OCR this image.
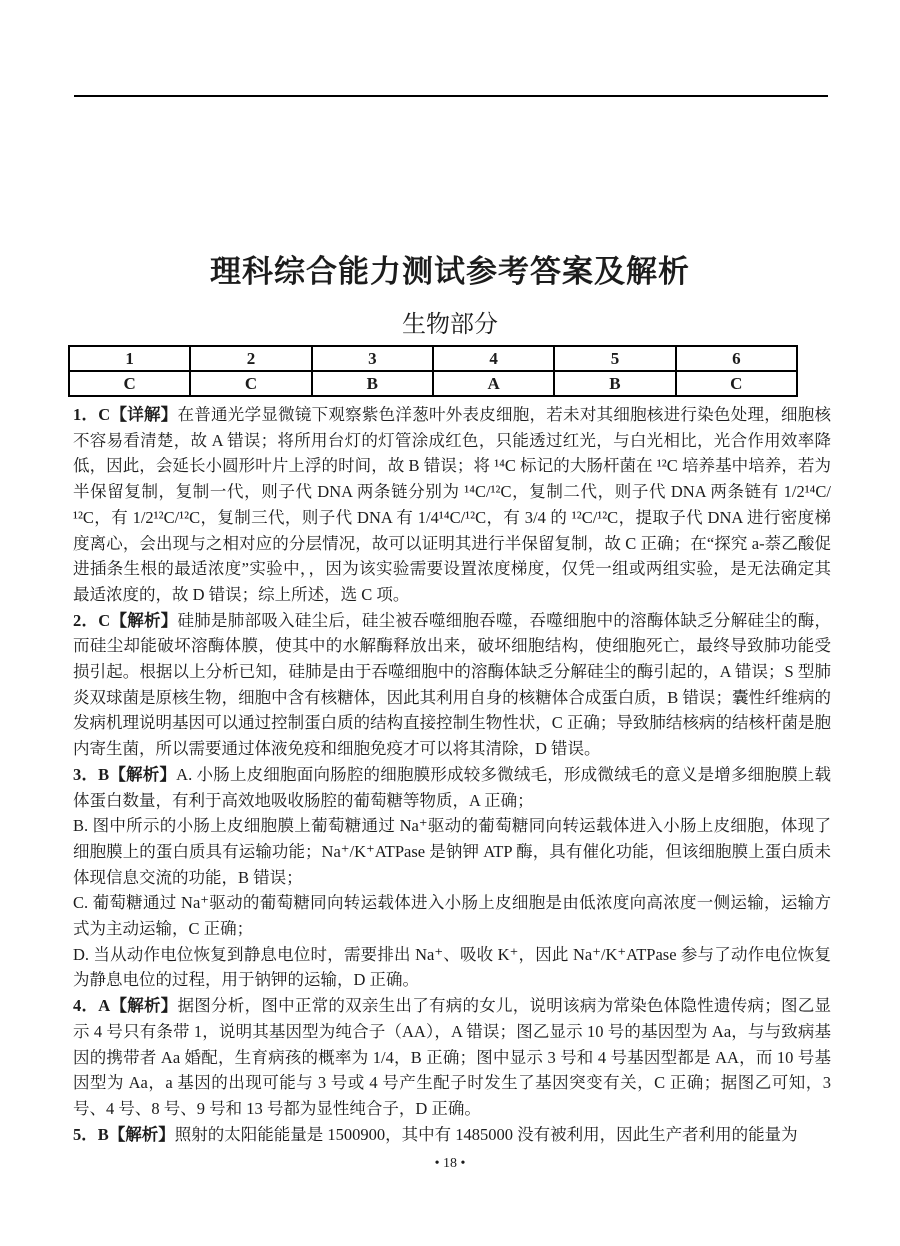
理科综合能力测试参考答案及解析
生物部分
1	2	3	4	5	6
C	C	B	A	B	C

1．C【详解】在普通光学显微镜下观察紫色洋葱叶外表皮细胞，若未对其细胞核进行染色处理，细胞核不容易看清楚，故 A 错误；将所用台灯的灯管涂成红色，只能透过红光，与白光相比，光合作用效率降低，因此，会延长小圆形叶片上浮的时间，故 B 错误；将 ¹⁴C 标记的大肠杆菌在 ¹²C 培养基中培养，若为半保留复制，复制一代，则子代 DNA 两条链分别为 ¹⁴C/¹²C，复制二代，则子代 DNA 两条链有 1/2¹⁴C/¹²C，有 1/2¹²C/¹²C，复制三代，则子代 DNA 有 1/4¹⁴C/¹²C，有 3/4 的 ¹²C/¹²C，提取子代 DNA 进行密度梯度离心，会出现与之相对应的分层情况，故可以证明其进行半保留复制，故 C 正确；在“探究 a-萘乙酸促进插条生根的最适浓度”实验中，，因为该实验需要设置浓度梯度，仅凭一组或两组实验，是无法确定其最适浓度的，故 D 错误；综上所述，选 C 项。

2．C【解析】硅肺是肺部吸入硅尘后，硅尘被吞噬细胞吞噬，吞噬细胞中的溶酶体缺乏分解硅尘的酶，而硅尘却能破坏溶酶体膜，使其中的水解酶释放出来，破坏细胞结构，使细胞死亡，最终导致肺功能受损引起。根据以上分析已知，硅肺是由于吞噬细胞中的溶酶体缺乏分解硅尘的酶引起的，A 错误；S 型肺炎双球菌是原核生物，细胞中含有核糖体，因此其利用自身的核糖体合成蛋白质，B 错误；囊性纤维病的发病机理说明基因可以通过控制蛋白质的结构直接控制生物性状，C 正确；导致肺结核病的结核杆菌是胞内寄生菌，所以需要通过体液免疫和细胞免疫才可以将其清除，D 错误。

3．B【解析】A. 小肠上皮细胞面向肠腔的细胞膜形成较多微绒毛，形成微绒毛的意义是增多细胞膜上载体蛋白数量，有利于高效地吸收肠腔的葡萄糖等物质，A 正确；

B. 图中所示的小肠上皮细胞膜上葡萄糖通过 Na⁺驱动的葡萄糖同向转运载体进入小肠上皮细胞，体现了细胞膜上的蛋白质具有运输功能；Na⁺/K⁺ATPase 是钠钾 ATP 酶，具有催化功能，但该细胞膜上蛋白质未体现信息交流的功能，B 错误；

C. 葡萄糖通过 Na⁺驱动的葡萄糖同向转运载体进入小肠上皮细胞是由低浓度向高浓度一侧运输，运输方式为主动运输，C 正确；

D. 当从动作电位恢复到静息电位时，需要排出 Na⁺、吸收 K⁺，因此 Na⁺/K⁺ATPase 参与了动作电位恢复为静息电位的过程，用于钠钾的运输，D 正确。

4．A【解析】据图分析，图中正常的双亲生出了有病的女儿，说明该病为常染色体隐性遗传病；图乙显示 4 号只有条带 1，说明其基因型为纯合子（AA），A 错误；图乙显示 10 号的基因型为 Aa，与与致病基因的携带者 Aa 婚配，生育病孩的概率为 1/4，B 正确；图中显示 3 号和 4 号基因型都是 AA，而 10 号基因型为 Aa，a 基因的出现可能与 3 号或 4 号产生配子时发生了基因突变有关，C 正确；据图乙可知，3 号、4 号、8 号、9 号和 13 号都为显性纯合子，D 正确。

5．B【解析】照射的太阳能能量是 1500900，其中有 1485000 没有被利用，因此生产者利用的能量为

• 18 •
